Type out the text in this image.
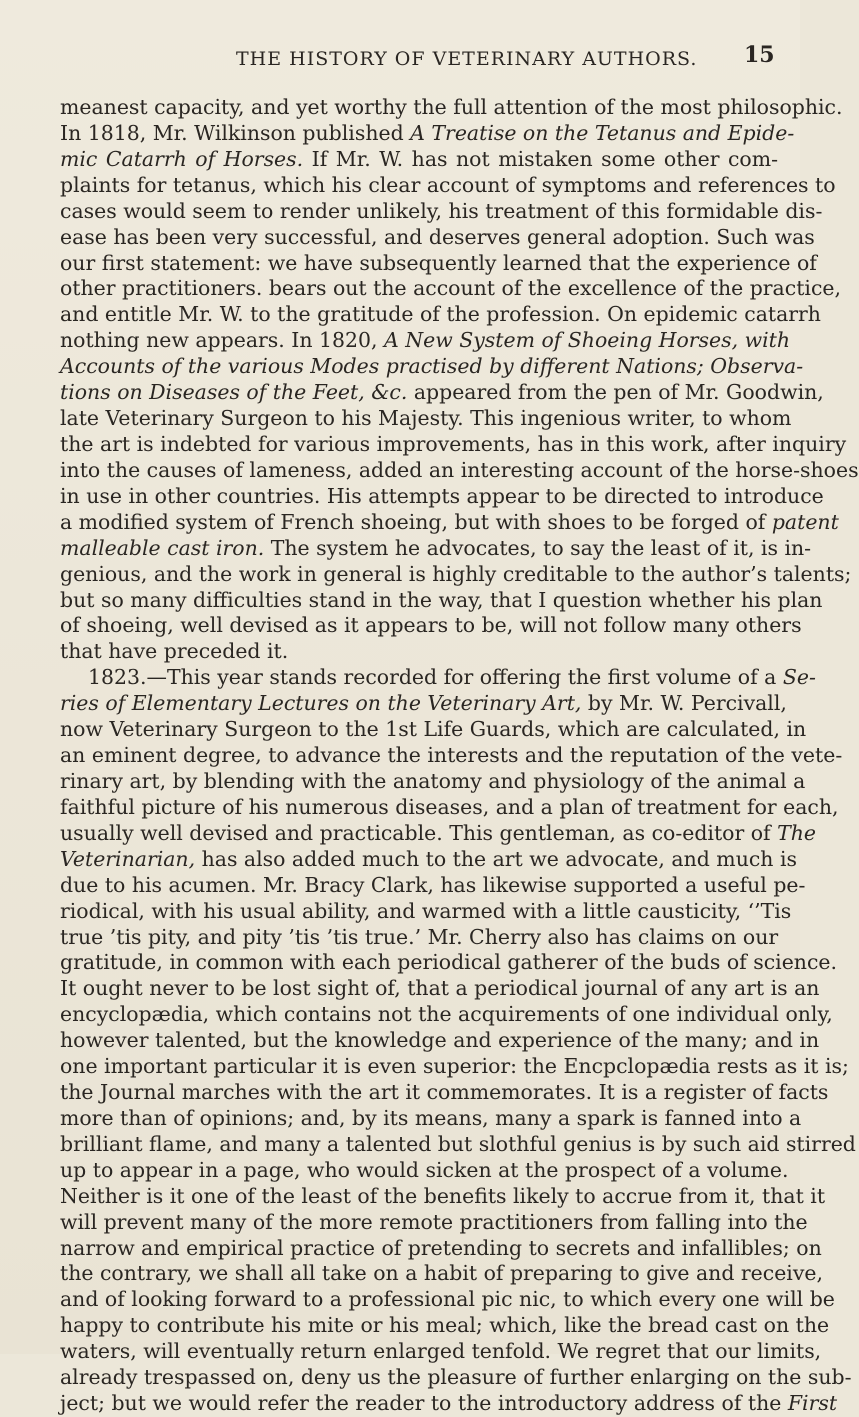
THE HISTORY OF VETERINARY AUTHORS. 15
meanest capacity, and yet worthy the full attention of the most philosophic.
In 1818, Mr. Wilkinson published A Treatise on the Tetanus and Epide-
mic Catarrh of Horses. If Mr. W. has not mistaken some other com-
plaints for tetanus, which his clear account of symptoms and references to
cases would seem to render unlikely, his treatment of this formidable dis-
ease has been very successful, and deserves general adoption. Such was
our first statement: we have subsequently learned that the experience of
other practitioners. bears out the account of the excellence of the practice,
and entitle Mr. W. to the gratitude of the profession. On epidemic catarrh
nothing new appears. In 1820, A New System of Shoeing Horses, with
Accounts of the various Modes practised by different Nations; Observa-
tions on Diseases of the Feet, &c. appeared from the pen of Mr. Goodwin,
late Veterinary Surgeon to his Majesty. This ingenious writer, to whom
the art is indebted for various improvements, has in this work, after inquiry
into the causes of lameness, added an interesting account of the horse-shoes
in use in other countries. His attempts appear to be directed to introduce
a modified system of French shoeing, but with shoes to be forged of patent
malleable cast iron. The system he advocates, to say the least of it, is in-
genious, and the work in general is highly creditable to the author’s talents;
but so many difficulties stand in the way, that I question whether his plan
of shoeing, well devised as it appears to be, will not follow many others
that have preceded it.
1823.—This year stands recorded for offering the first volume of a Se-
ries of Elementary Lectures on the Veterinary Art, by Mr. W. Percivall,
now Veterinary Surgeon to the 1st Life Guards, which are calculated, in
an eminent degree, to advance the interests and the reputation of the vete-
rinary art, by blending with the anatomy and physiology of the animal a
faithful picture of his numerous diseases, and a plan of treatment for each,
usually well devised and practicable. This gentleman, as co-editor of The
Veterinarian, has also added much to the art we advocate, and much is
due to his acumen. Mr. Bracy Clark, has likewise supported a useful pe-
riodical, with his usual ability, and warmed with a little causticity, ‘’Tis
true ’tis pity, and pity ’tis ’tis true.’ Mr. Cherry also has claims on our
gratitude, in common with each periodical gatherer of the buds of science.
It ought never to be lost sight of, that a periodical journal of any art is an
encyclopædia, which contains not the acquirements of one individual only,
however talented, but the knowledge and experience of the many; and in
one important particular it is even superior: the Encpclopædia rests as it is;
the Journal marches with the art it commemorates. It is a register of facts
more than of opinions; and, by its means, many a spark is fanned into a
brilliant flame, and many a talented but slothful genius is by such aid stirred
up to appear in a page, who would sicken at the prospect of a volume.
Neither is it one of the least of the benefits likely to accrue from it, that it
will prevent many of the more remote practitioners from falling into the
narrow and empirical practice of pretending to secrets and infallibles; on
the contrary, we shall all take on a habit of preparing to give and receive,
and of looking forward to a professional pic nic, to which every one will be
happy to contribute his mite or his meal; which, like the bread cast on the
waters, will eventually return enlarged tenfold. We regret that our limits,
already trespassed on, deny us the pleasure of further enlarging on the sub-
ject; but we would refer the reader to the introductory address of the First
